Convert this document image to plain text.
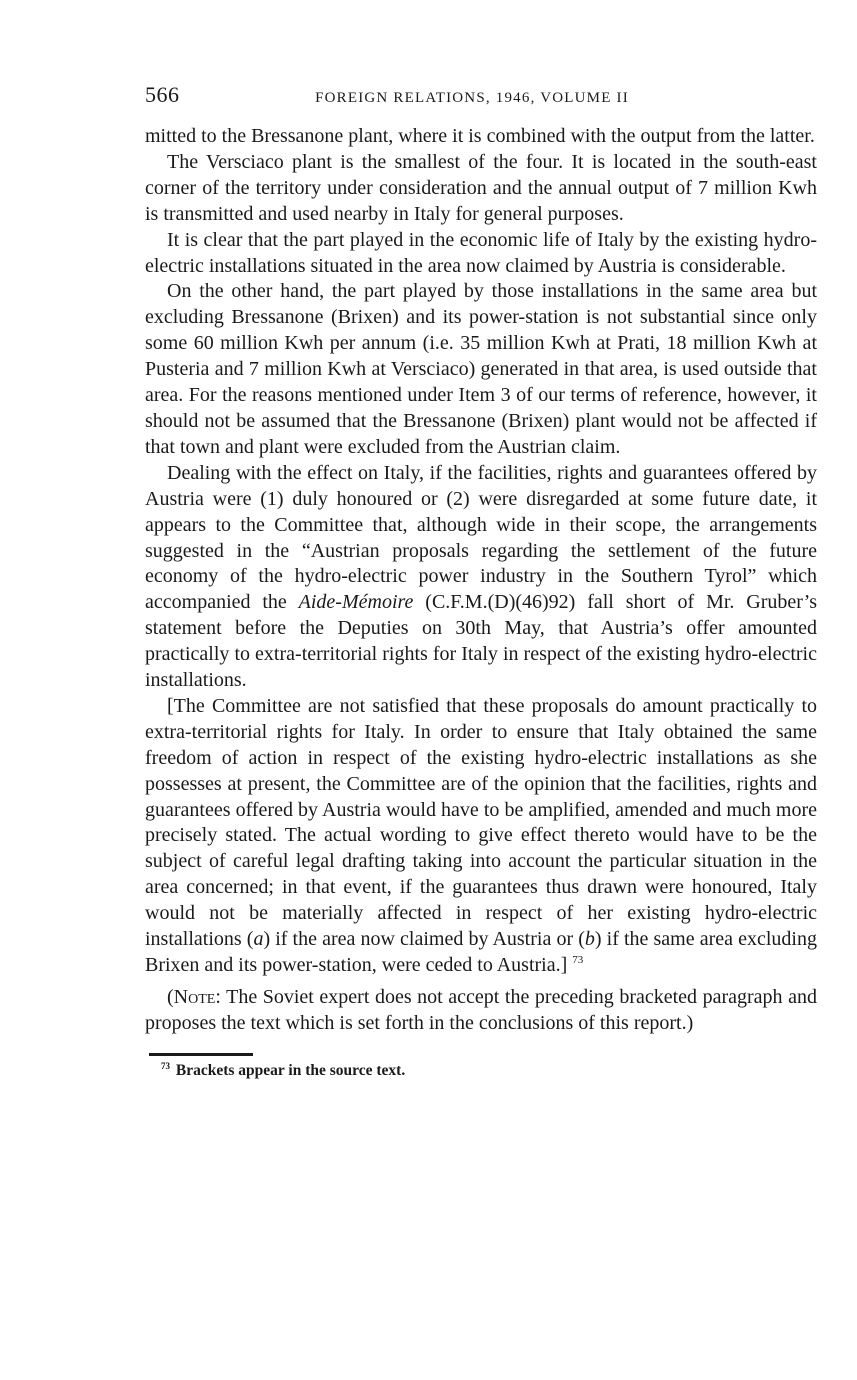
566	FOREIGN RELATIONS, 1946, VOLUME II

mitted to the Bressanone plant, where it is combined with the output from the latter.

The Versciaco plant is the smallest of the four. It is located in the south-east corner of the territory under consideration and the annual output of 7 million Kwh is transmitted and used nearby in Italy for general purposes.

It is clear that the part played in the economic life of Italy by the existing hydro-electric installations situated in the area now claimed by Austria is considerable.

On the other hand, the part played by those installations in the same area but excluding Bressanone (Brixen) and its power-station is not substantial since only some 60 million Kwh per annum (i.e. 35 million Kwh at Prati, 18 million Kwh at Pusteria and 7 million Kwh at Versciaco) generated in that area, is used outside that area. For the reasons mentioned under Item 3 of our terms of reference, however, it should not be assumed that the Bressanone (Brixen) plant would not be affected if that town and plant were excluded from the Austrian claim.

Dealing with the effect on Italy, if the facilities, rights and guarantees offered by Austria were (1) duly honoured or (2) were disregarded at some future date, it appears to the Committee that, although wide in their scope, the arrangements suggested in the “Austrian proposals regarding the settlement of the future economy of the hydro-electric power industry in the Southern Tyrol” which accompanied the Aide-Mémoire (C.F.M.(D)(46)92) fall short of Mr. Gruber’s statement before the Deputies on 30th May, that Austria’s offer amounted practically to extra-territorial rights for Italy in respect of the existing hydro-electric installations.

[The Committee are not satisfied that these proposals do amount practically to extra-territorial rights for Italy. In order to ensure that Italy obtained the same freedom of action in respect of the existing hydro-electric installations as she possesses at present, the Committee are of the opinion that the facilities, rights and guarantees offered by Austria would have to be amplified, amended and much more precisely stated. The actual wording to give effect thereto would have to be the subject of careful legal drafting taking into account the particular situation in the area concerned; in that event, if the guarantees thus drawn were honoured, Italy would not be materially affected in respect of her existing hydro-electric installations (a) if the area now claimed by Austria or (b) if the same area excluding Brixen and its power-station, were ceded to Austria.] $^{73}$

(Note: The Soviet expert does not accept the preceding bracketed paragraph and proposes the text which is set forth in the conclusions of this report.)

$^{73}$ Brackets appear in the source text.
